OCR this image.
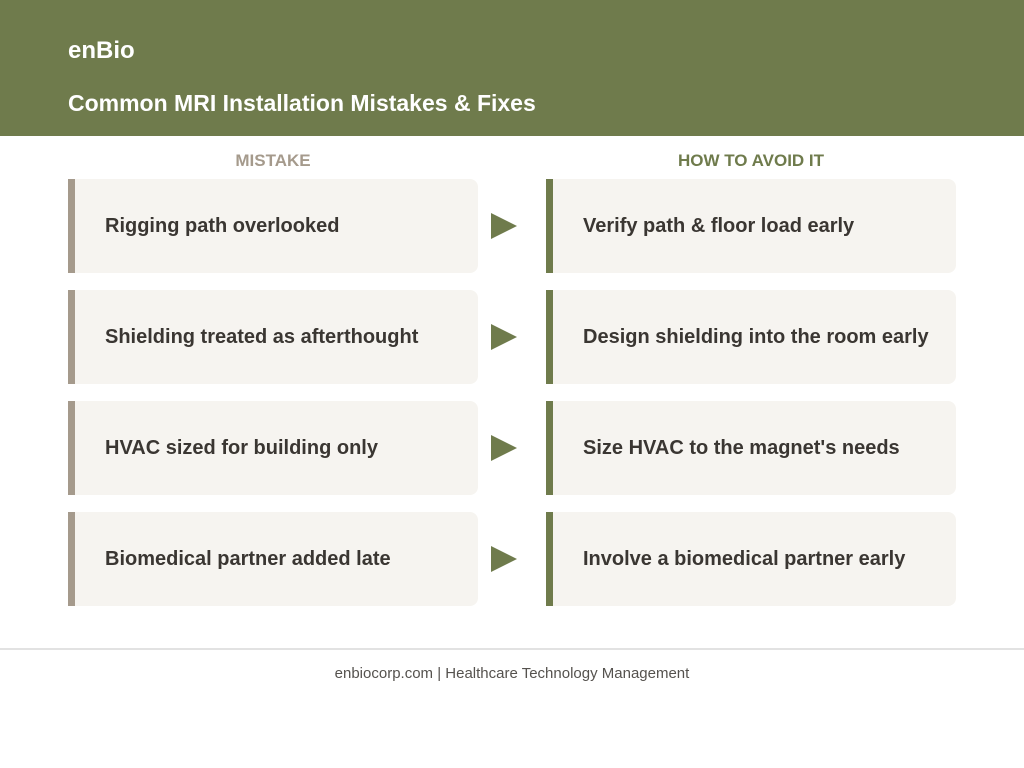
enBio
Common MRI Installation Mistakes & Fixes
MISTAKE	HOW TO AVOID IT
Rigging path overlooked	Verify path & floor load early
Shielding treated as afterthought	Design shielding into the room early
HVAC sized for building only	Size HVAC to the magnet's needs
Biomedical partner added late	Involve a biomedical partner early
enbiocorp.com | Healthcare Technology Management
